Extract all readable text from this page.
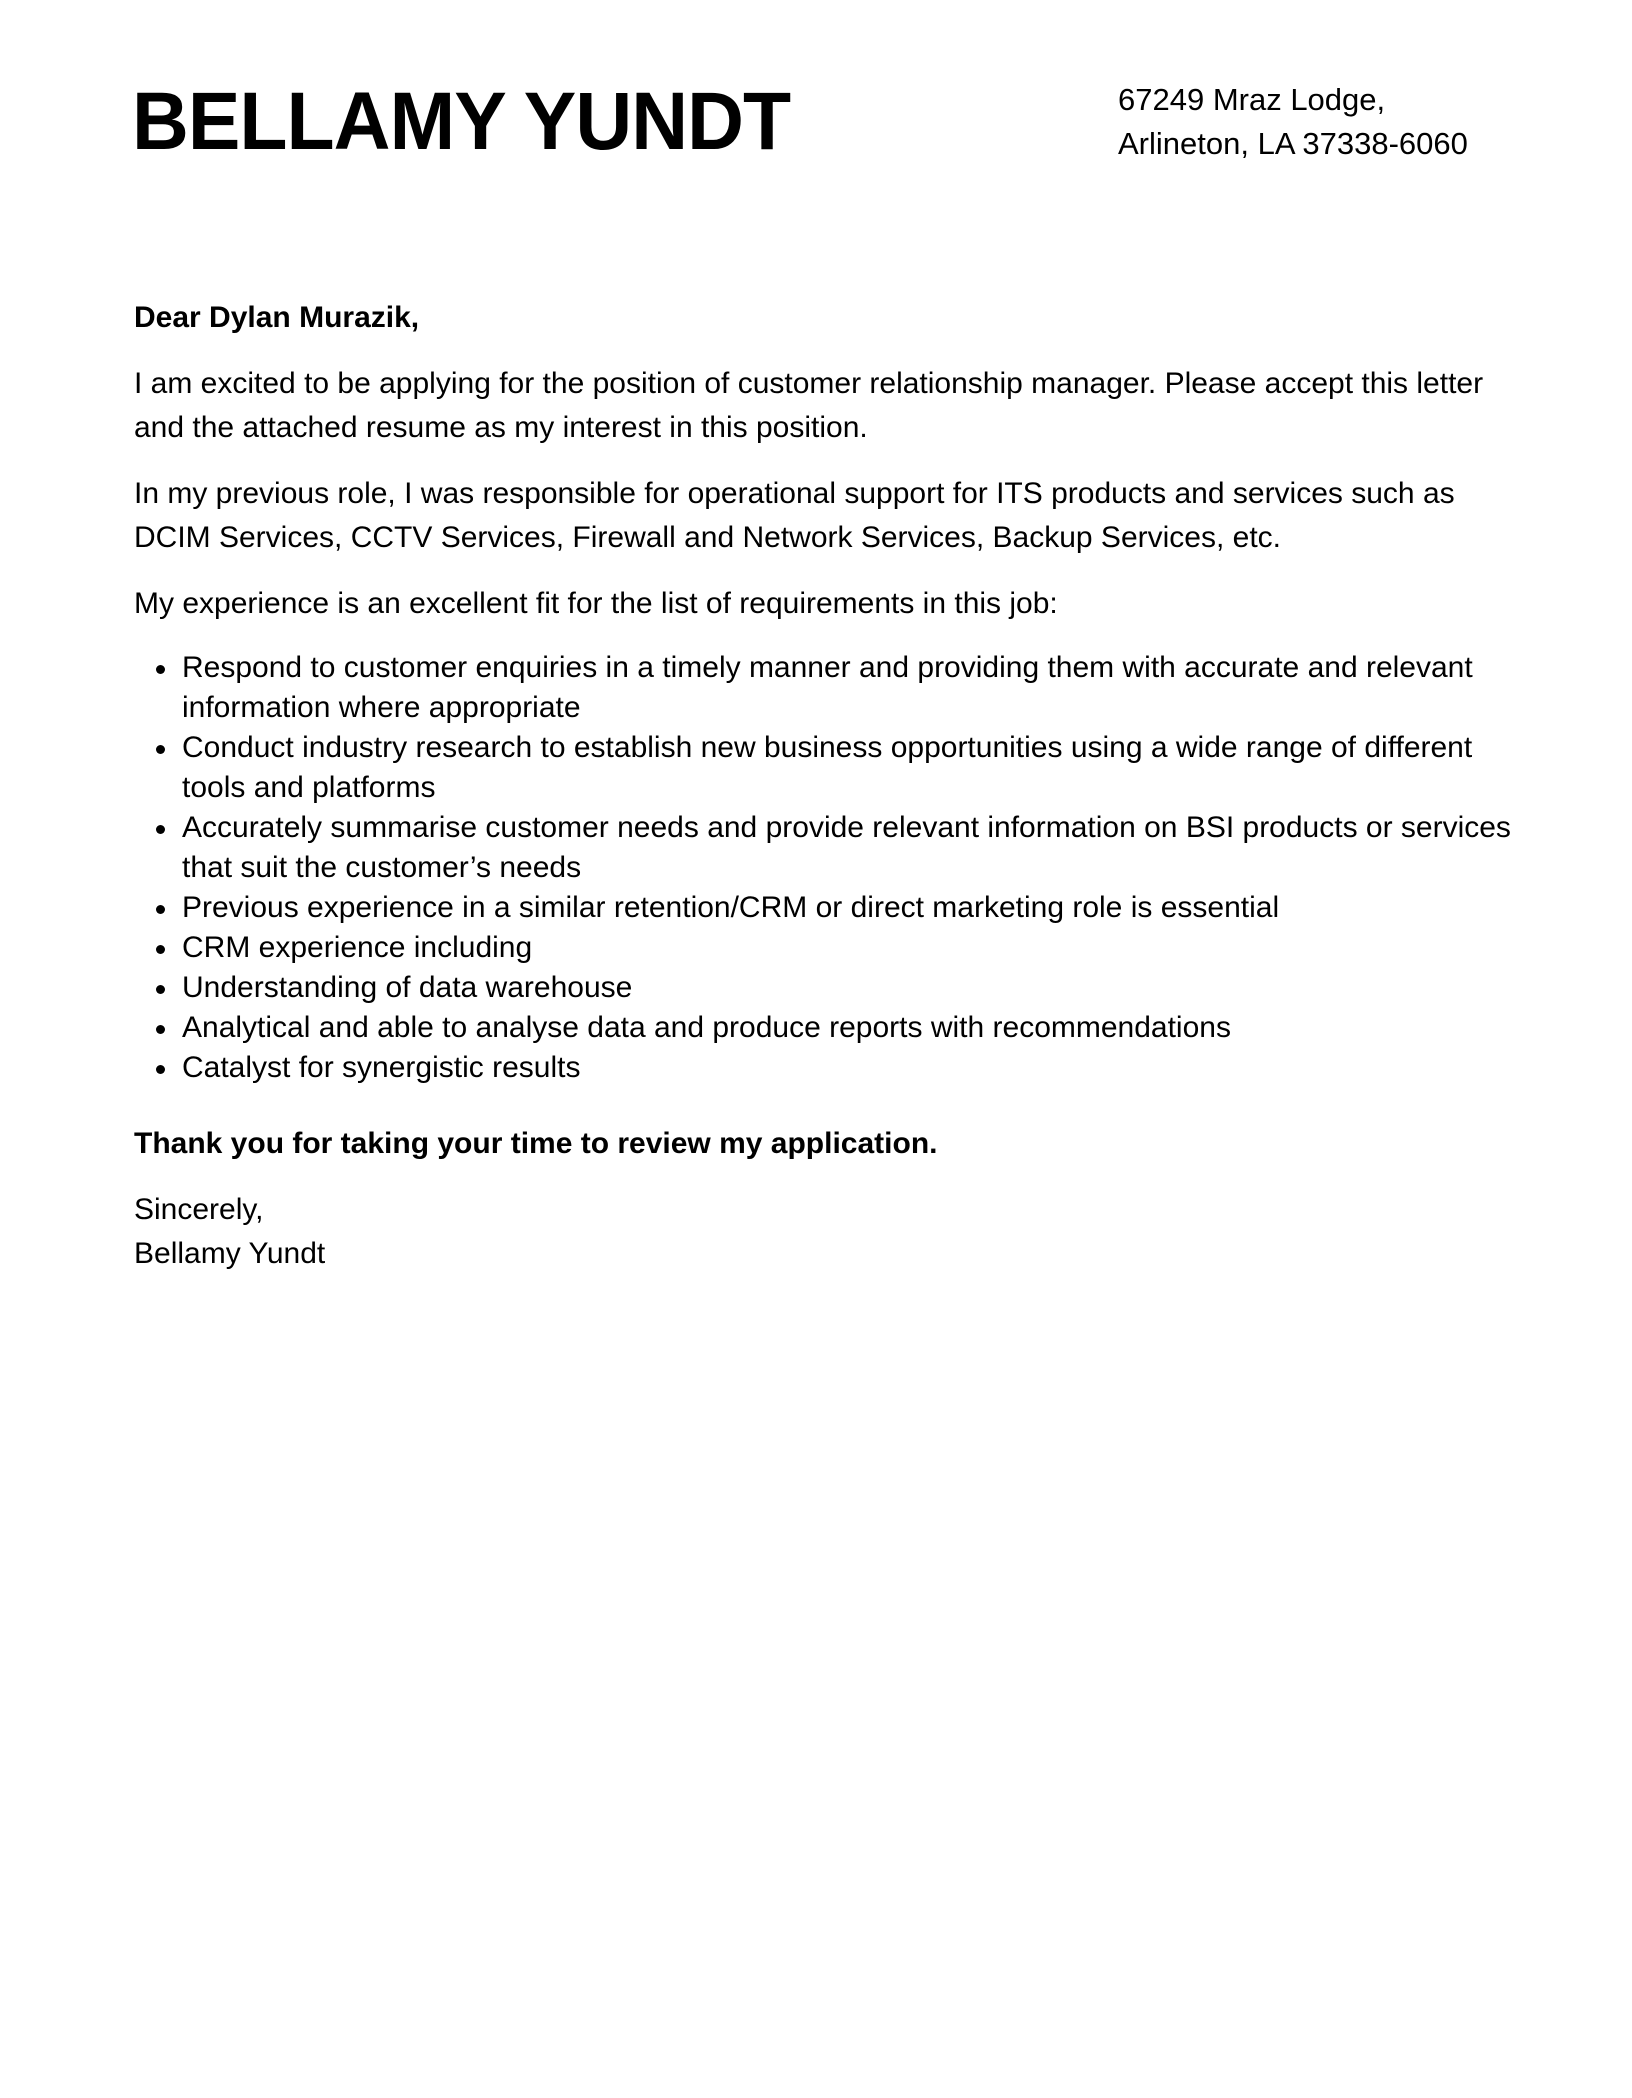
BELLAMY YUNDT	67249 Mraz Lodge,
Arlineton, LA 37338-6060

Dear Dylan Murazik,

I am excited to be applying for the position of customer relationship manager. Please accept this letter and the attached resume as my interest in this position.

In my previous role, I was responsible for operational support for ITS products and services such as DCIM Services, CCTV Services, Firewall and Network Services, Backup Services, etc.

My experience is an excellent fit for the list of requirements in this job:

Respond to customer enquiries in a timely manner and providing them with accurate and relevant information where appropriate
Conduct industry research to establish new business opportunities using a wide range of different tools and platforms
Accurately summarise customer needs and provide relevant information on BSI products or services that suit the customer’s needs
Previous experience in a similar retention/CRM or direct marketing role is essential
CRM experience including
Understanding of data warehouse
Analytical and able to analyse data and produce reports with recommendations
Catalyst for synergistic results

Thank you for taking your time to review my application.

Sincerely,
Bellamy Yundt
